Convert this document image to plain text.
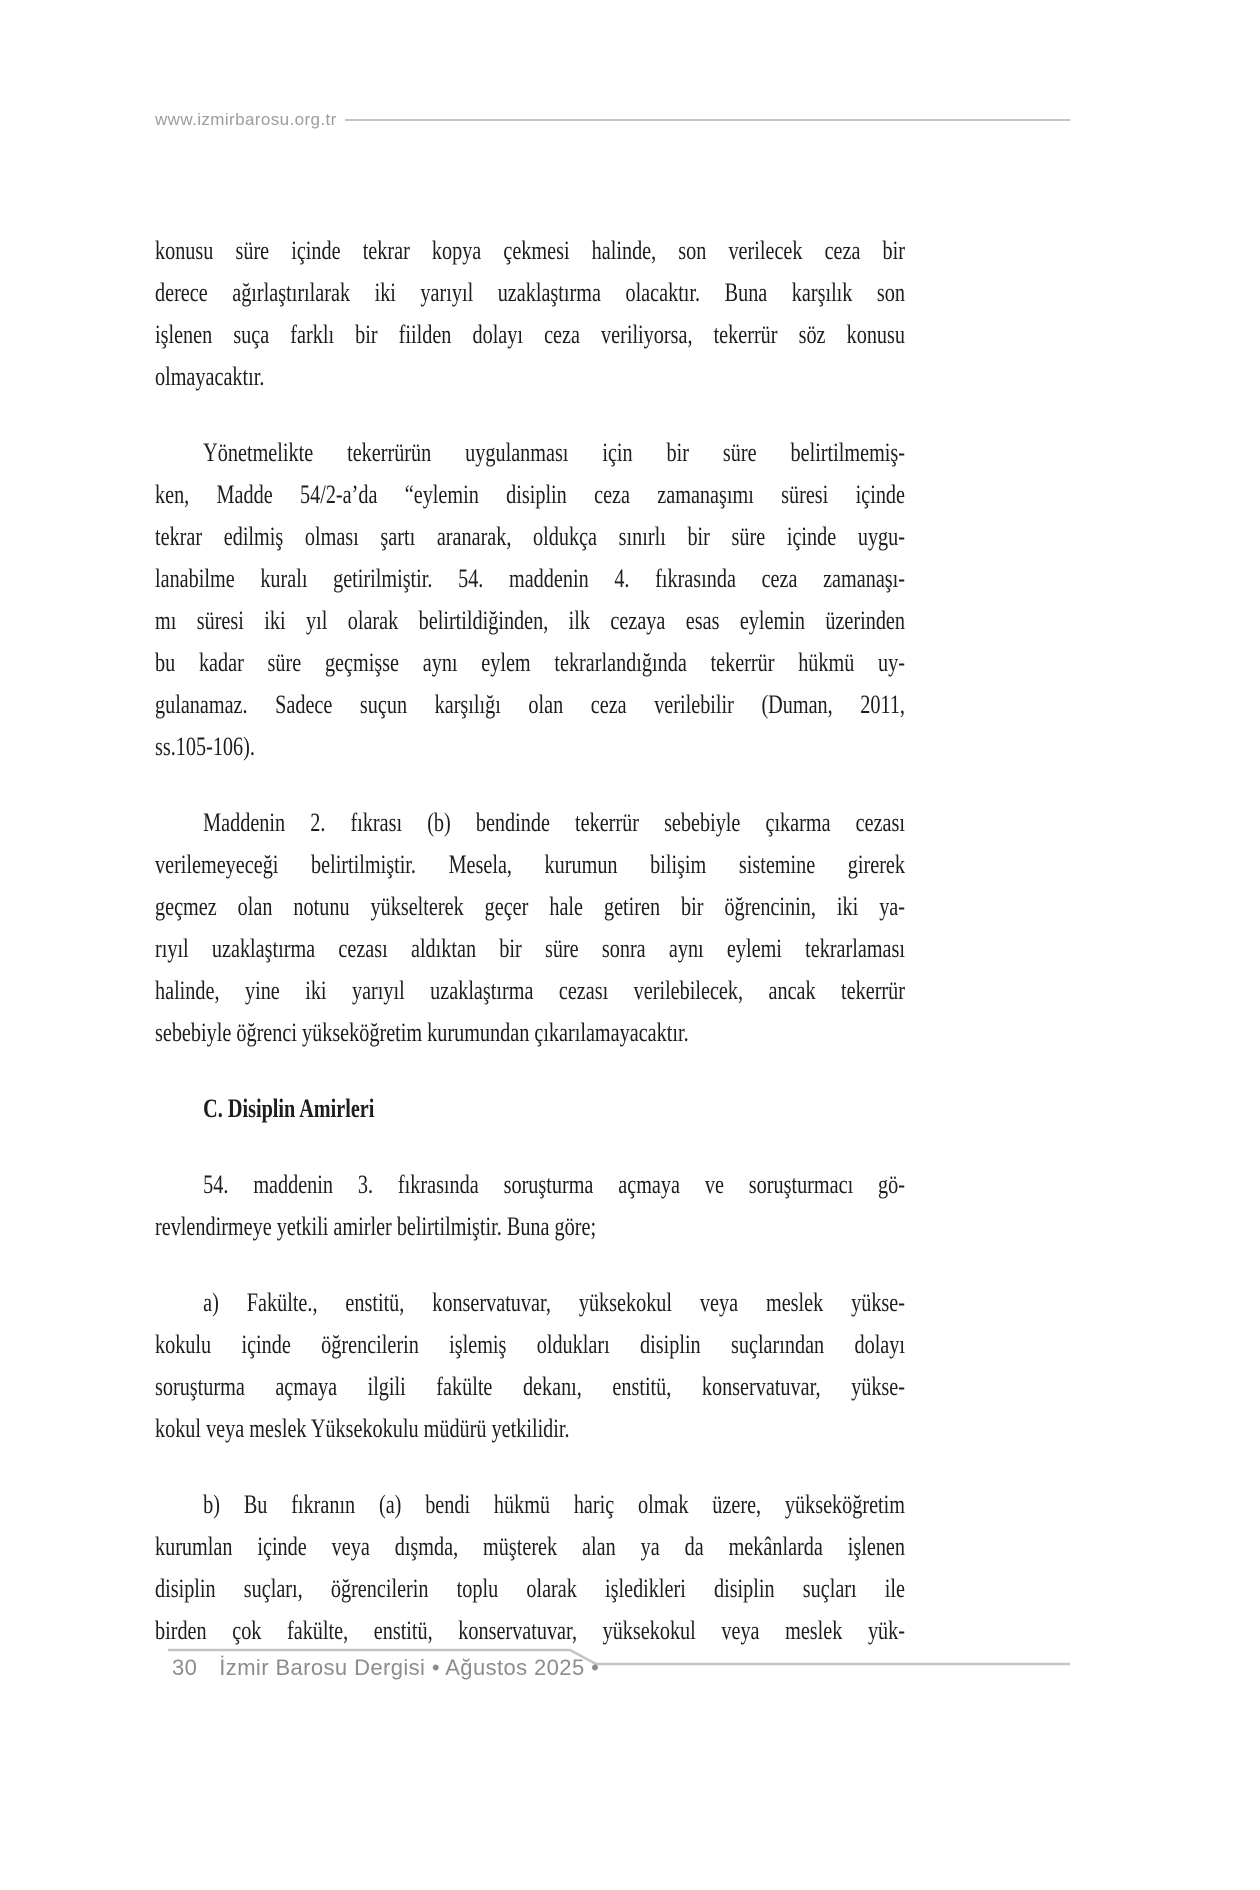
www.izmirbarosu.org.tr
konusu süre içinde tekrar kopya çekmesi halinde, son verilecek ceza bir
derece ağırlaştırılarak iki yarıyıl uzaklaştırma olacaktır. Buna karşılık son
işlenen suça farklı bir fiilden dolayı ceza veriliyorsa, tekerrür söz konusu
olmayacaktır.
Yönetmelikte tekerrürün uygulanması için bir süre belirtilmemiş-
ken, Madde 54/2-a’da “eylemin disiplin ceza zamanaşımı süresi içinde
tekrar edilmiş olması şartı aranarak, oldukça sınırlı bir süre içinde uygu-
lanabilme kuralı getirilmiştir. 54. maddenin 4. fıkrasında ceza zamanaşı-
mı süresi iki yıl olarak belirtildiğinden, ilk cezaya esas eylemin üzerinden
bu kadar süre geçmişse aynı eylem tekrarlandığında tekerrür hükmü uy-
gulanamaz. Sadece suçun karşılığı olan ceza verilebilir (Duman, 2011,
ss.105-106).
Maddenin 2. fıkrası (b) bendinde tekerrür sebebiyle çıkarma cezası
verilemeyeceği belirtilmiştir. Mesela, kurumun bilişim sistemine girerek
geçmez olan notunu yükselterek geçer hale getiren bir öğrencinin, iki ya-
rıyıl uzaklaştırma cezası aldıktan bir süre sonra aynı eylemi tekrarlaması
halinde, yine iki yarıyıl uzaklaştırma cezası verilebilecek, ancak tekerrür
sebebiyle öğrenci yükseköğretim kurumundan çıkarılamayacaktır.
C. Disiplin Amirleri
54. maddenin 3. fıkrasında soruşturma açmaya ve soruşturmacı gö-
revlendirmeye yetkili amirler belirtilmiştir. Buna göre;
a) Fakülte., enstitü, konservatuvar, yüksekokul veya meslek yükse-
kokulu içinde öğrencilerin işlemiş oldukları disiplin suçlarından dolayı
soruşturma açmaya ilgili fakülte dekanı, enstitü, konservatuvar, yükse-
kokul veya meslek Yüksekokulu müdürü yetkilidir.
b) Bu fıkranın (a) bendi hükmü hariç olmak üzere, yükseköğretim
kurumlan içinde veya dışmda, müşterek alan ya da mekânlarda işlenen
disiplin suçları, öğrencilerin toplu olarak işledikleri disiplin suçları ile
birden çok fakülte, enstitü, konservatuvar, yüksekokul veya meslek yük-
30 İzmir Barosu Dergisi • Ağustos 2025 •
